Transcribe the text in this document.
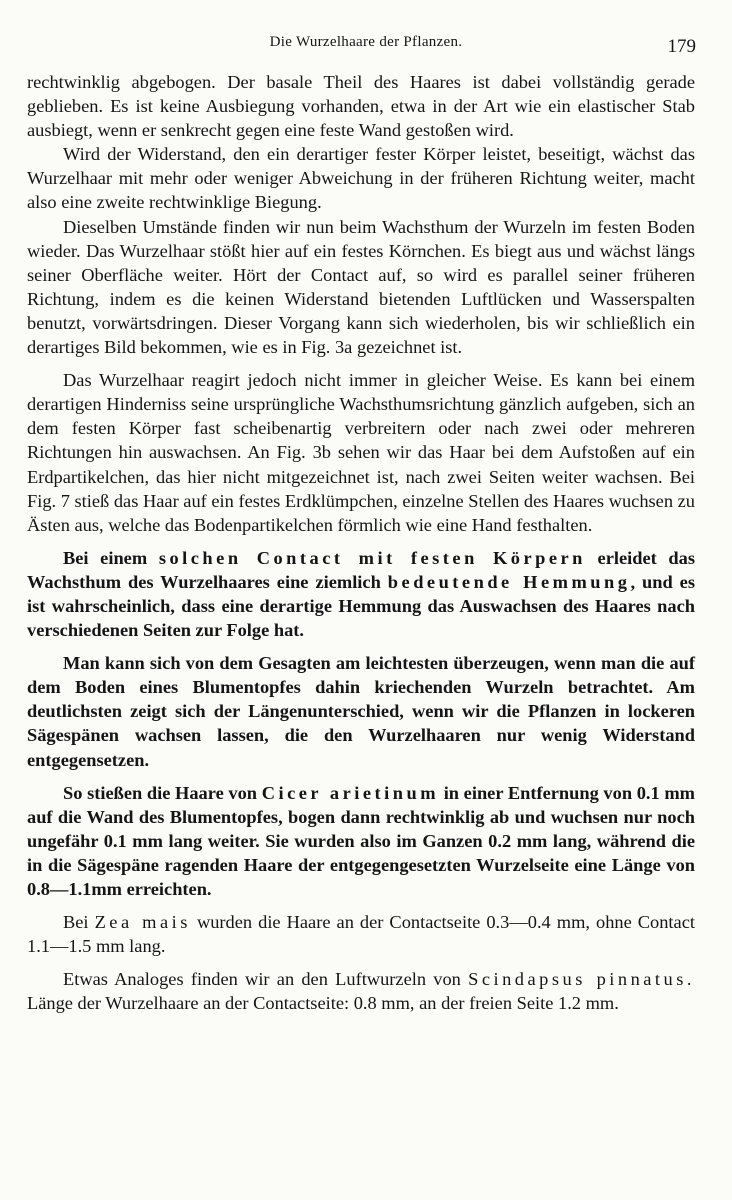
Die Wurzelhaare der Pflanzen.	179

rechtwinklig abgebogen. Der basale Theil des Haares ist dabei vollständig gerade geblieben. Es ist keine Ausbiegung vorhanden, etwa in der Art wie ein elastischer Stab ausbiegt, wenn er senkrecht gegen eine feste Wand gestoßen wird.

Wird der Widerstand, den ein derartiger fester Körper leistet, beseitigt, wächst das Wurzelhaar mit mehr oder weniger Abweichung in der früheren Richtung weiter, macht also eine zweite rechtwinklige Biegung.

Dieselben Umstände finden wir nun beim Wachsthum der Wurzeln im festen Boden wieder. Das Wurzelhaar stößt hier auf ein festes Körnchen. Es biegt aus und wächst längs seiner Oberfläche weiter. Hört der Contact auf, so wird es parallel seiner früheren Richtung, indem es die keinen Widerstand bietenden Luftlücken und Wasserspalten benutzt, vorwärtsdringen. Dieser Vorgang kann sich wiederholen, bis wir schließlich ein derartiges Bild bekommen, wie es in Fig. 3a gezeichnet ist.

Das Wurzelhaar reagirt jedoch nicht immer in gleicher Weise. Es kann bei einem derartigen Hinderniss seine ursprüngliche Wachsthumsrichtung gänzlich aufgeben, sich an dem festen Körper fast scheibenartig verbreitern oder nach zwei oder mehreren Richtungen hin auswachsen. An Fig. 3b sehen wir das Haar bei dem Aufstoßen auf ein Erdpartikelchen, das hier nicht mitgezeichnet ist, nach zwei Seiten weiter wachsen. Bei Fig. 7 stieß das Haar auf ein festes Erdklümpchen, einzelne Stellen des Haares wuchsen zu Ästen aus, welche das Bodenpartikelchen förmlich wie eine Hand festhalten.

Bei einem solchen Contact mit festen Körpern erleidet das Wachsthum des Wurzelhaares eine ziemlich bedeutende Hemmung, und es ist wahrscheinlich, dass eine derartige Hemmung das Auswachsen des Haares nach verschiedenen Seiten zur Folge hat.

Man kann sich von dem Gesagten am leichtesten überzeugen, wenn man die auf dem Boden eines Blumentopfes dahin kriechenden Wurzeln betrachtet. Am deutlichsten zeigt sich der Längenunterschied, wenn wir die Pflanzen in lockeren Sägespänen wachsen lassen, die den Wurzelhaaren nur wenig Widerstand entgegensetzen.

So stießen die Haare von Cicer arietinum in einer Entfernung von 0.1 mm auf die Wand des Blumentopfes, bogen dann rechtwinklig ab und wuchsen nur noch ungefähr 0.1 mm lang weiter. Sie wurden also im Ganzen 0.2 mm lang, während die in die Sägespäne ragenden Haare der entgegengesetzten Wurzelseite eine Länge von 0.8—1.1mm erreichten.

Bei Zea mais wurden die Haare an der Contactseite 0.3—0.4 mm, ohne Contact 1.1—1.5 mm lang.

Etwas Analoges finden wir an den Luftwurzeln von Scindapsus pinnatus. Länge der Wurzelhaare an der Contactseite: 0.8 mm, an der freien Seite 1.2 mm.
